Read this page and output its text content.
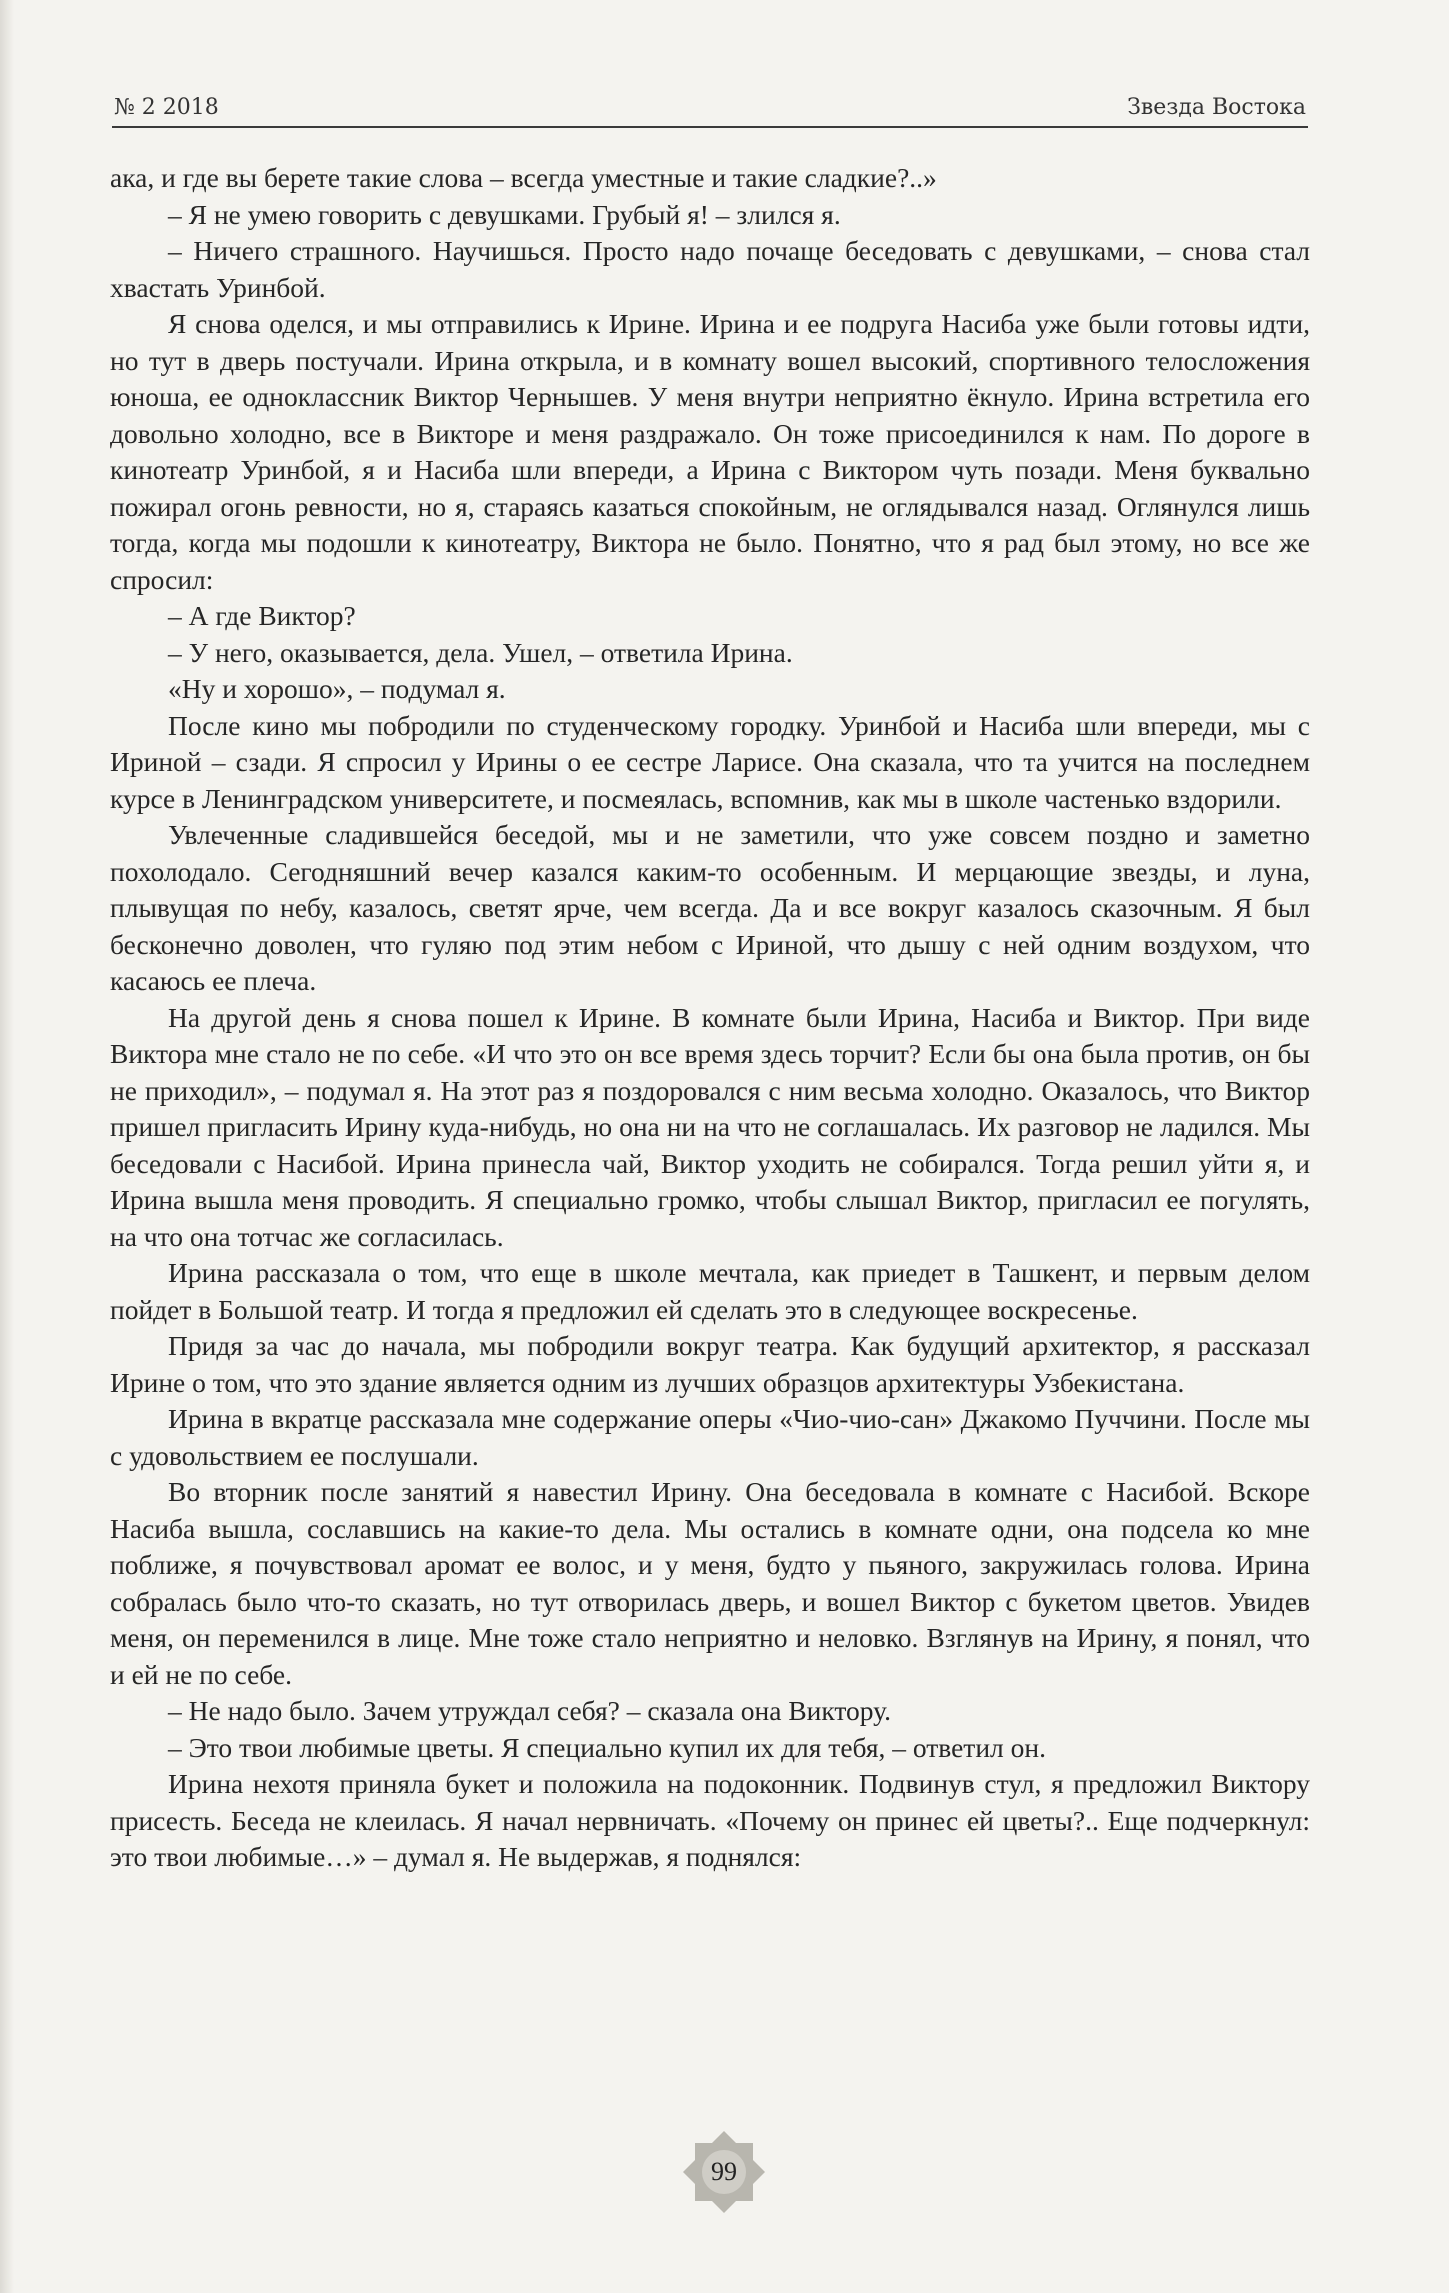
№ 2 2018	Звезда Востока

ака, и где вы берете такие слова – всегда уместные и такие сладкие?..»

– Я не умею говорить с девушками. Грубый я! – злился я.

– Ничего страшного. Научишься. Просто надо почаще беседовать с девушками, – снова стал хвастать Уринбой.

Я снова оделся, и мы отправились к Ирине. Ирина и ее подруга Насиба уже были готовы идти, но тут в дверь постучали. Ирина открыла, и в комнату вошел высокий, спортивного телосложения юноша, ее одноклассник Виктор Чернышев. У меня внутри неприятно ёкнуло. Ирина встретила его довольно холодно, все в Викторе и меня раздражало. Он тоже присоединился к нам. По дороге в кинотеатр Уринбой, я и Насиба шли впереди, а Ирина с Виктором чуть позади. Меня буквально пожирал огонь ревности, но я, стараясь казаться спокойным, не оглядывался назад. Оглянулся лишь тогда, когда мы подошли к кинотеатру, Виктора не было. Понятно, что я рад был этому, но все же спросил:

– А где Виктор?

– У него, оказывается, дела. Ушел, – ответила Ирина.

«Ну и хорошо», – подумал я.

После кино мы побродили по студенческому городку. Уринбой и Насиба шли впереди, мы с Ириной – сзади. Я спросил у Ирины о ее сестре Ларисе. Она сказала, что та учится на последнем курсе в Ленинградском университете, и посмеялась, вспомнив, как мы в школе частенько вздорили.

Увлеченные сладившейся беседой, мы и не заметили, что уже совсем поздно и заметно похолодало. Сегодняшний вечер казался каким-то особенным. И мерцающие звезды, и луна, плывущая по небу, казалось, светят ярче, чем всегда. Да и все вокруг казалось сказочным. Я был бесконечно доволен, что гуляю под этим небом с Ириной, что дышу с ней одним воздухом, что касаюсь ее плеча.

На другой день я снова пошел к Ирине. В комнате были Ирина, Насиба и Виктор. При виде Виктора мне стало не по себе. «И что это он все время здесь торчит? Если бы она была против, он бы не приходил», – подумал я. На этот раз я поздоровался с ним весьма холодно. Оказалось, что Виктор пришел пригласить Ирину куда-нибудь, но она ни на что не соглашалась. Их разговор не ладился. Мы беседовали с Насибой. Ирина принесла чай, Виктор уходить не собирался. Тогда решил уйти я, и Ирина вышла меня проводить. Я специально громко, чтобы слышал Виктор, пригласил ее погулять, на что она тотчас же согласилась.

Ирина рассказала о том, что еще в школе мечтала, как приедет в Ташкент, и первым делом пойдет в Большой театр. И тогда я предложил ей сделать это в следующее воскресенье.

Придя за час до начала, мы побродили вокруг театра. Как будущий архитектор, я рассказал Ирине о том, что это здание является одним из лучших образцов архитектуры Узбекистана.

Ирина в вкратце рассказала мне содержание оперы «Чио-чио-сан» Джакомо Пуччини. После мы с удовольствием ее послушали.

Во вторник после занятий я навестил Ирину. Она беседовала в комнате с Насибой. Вскоре Насиба вышла, сославшись на какие-то дела. Мы остались в комнате одни, она подсела ко мне поближе, я почувствовал аромат ее волос, и у меня, будто у пьяного, закружилась голова. Ирина собралась было что-то сказать, но тут отворилась дверь, и вошел Виктор с букетом цветов. Увидев меня, он переменился в лице. Мне тоже стало неприятно и неловко. Взглянув на Ирину, я понял, что и ей не по себе.

– Не надо было. Зачем утруждал себя? – сказала она Виктору.

– Это твои любимые цветы. Я специально купил их для тебя, – ответил он.

Ирина нехотя приняла букет и положила на подоконник. Подвинув стул, я предложил Виктору присесть. Беседа не клеилась. Я начал нервничать. «Почему он принес ей цветы?.. Еще подчеркнул: это твои любимые…» – думал я. Не выдержав, я поднялся:

99
